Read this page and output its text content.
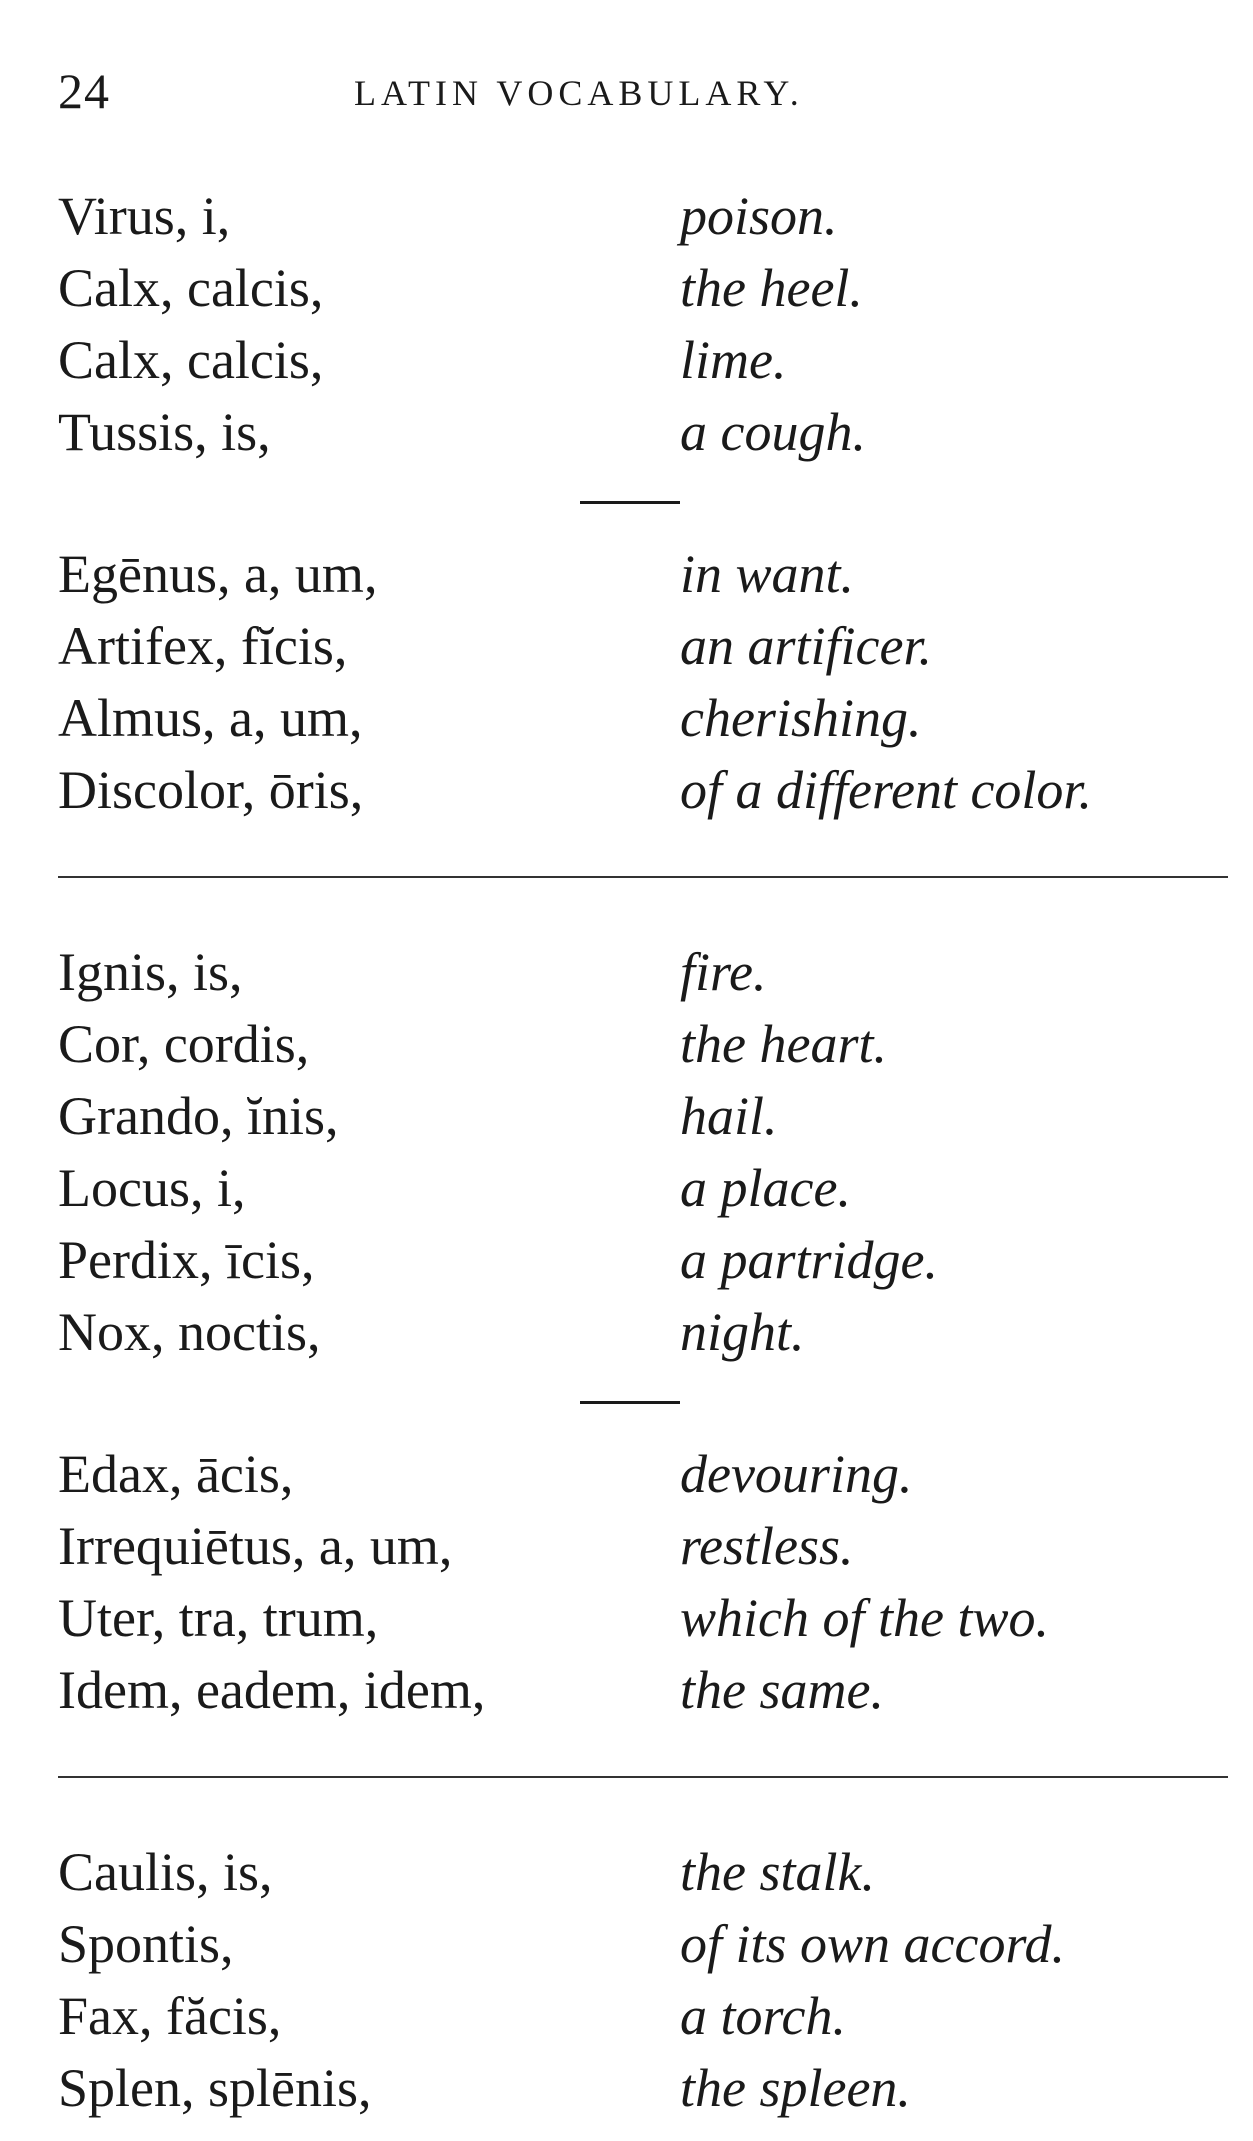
24	LATIN VOCABULARY.
Virus, i,	poison.
Calx, calcis,	the heel.
Calx, calcis,	lime.
Tussis, is,	a cough.
Egēnus, a, um,	in want.
Artifex, fĭcis,	an artificer.
Almus, a, um,	cherishing.
Discolor, ōris,	of a different color.
Ignis, is,	fire.
Cor, cordis,	the heart.
Grando, ĭnis,	hail.
Locus, i,	a place.
Perdix, īcis,	a partridge.
Nox, noctis,	night.
Edax, ācis,	devouring.
Irrequiētus, a, um,	restless.
Uter, tra, trum,	which of the two.
Idem, eadem, idem,	the same.
Caulis, is,	the stalk.
Spontis,	of its own accord.
Fax, făcis,	a torch.
Splen, splēnis,	the spleen.
